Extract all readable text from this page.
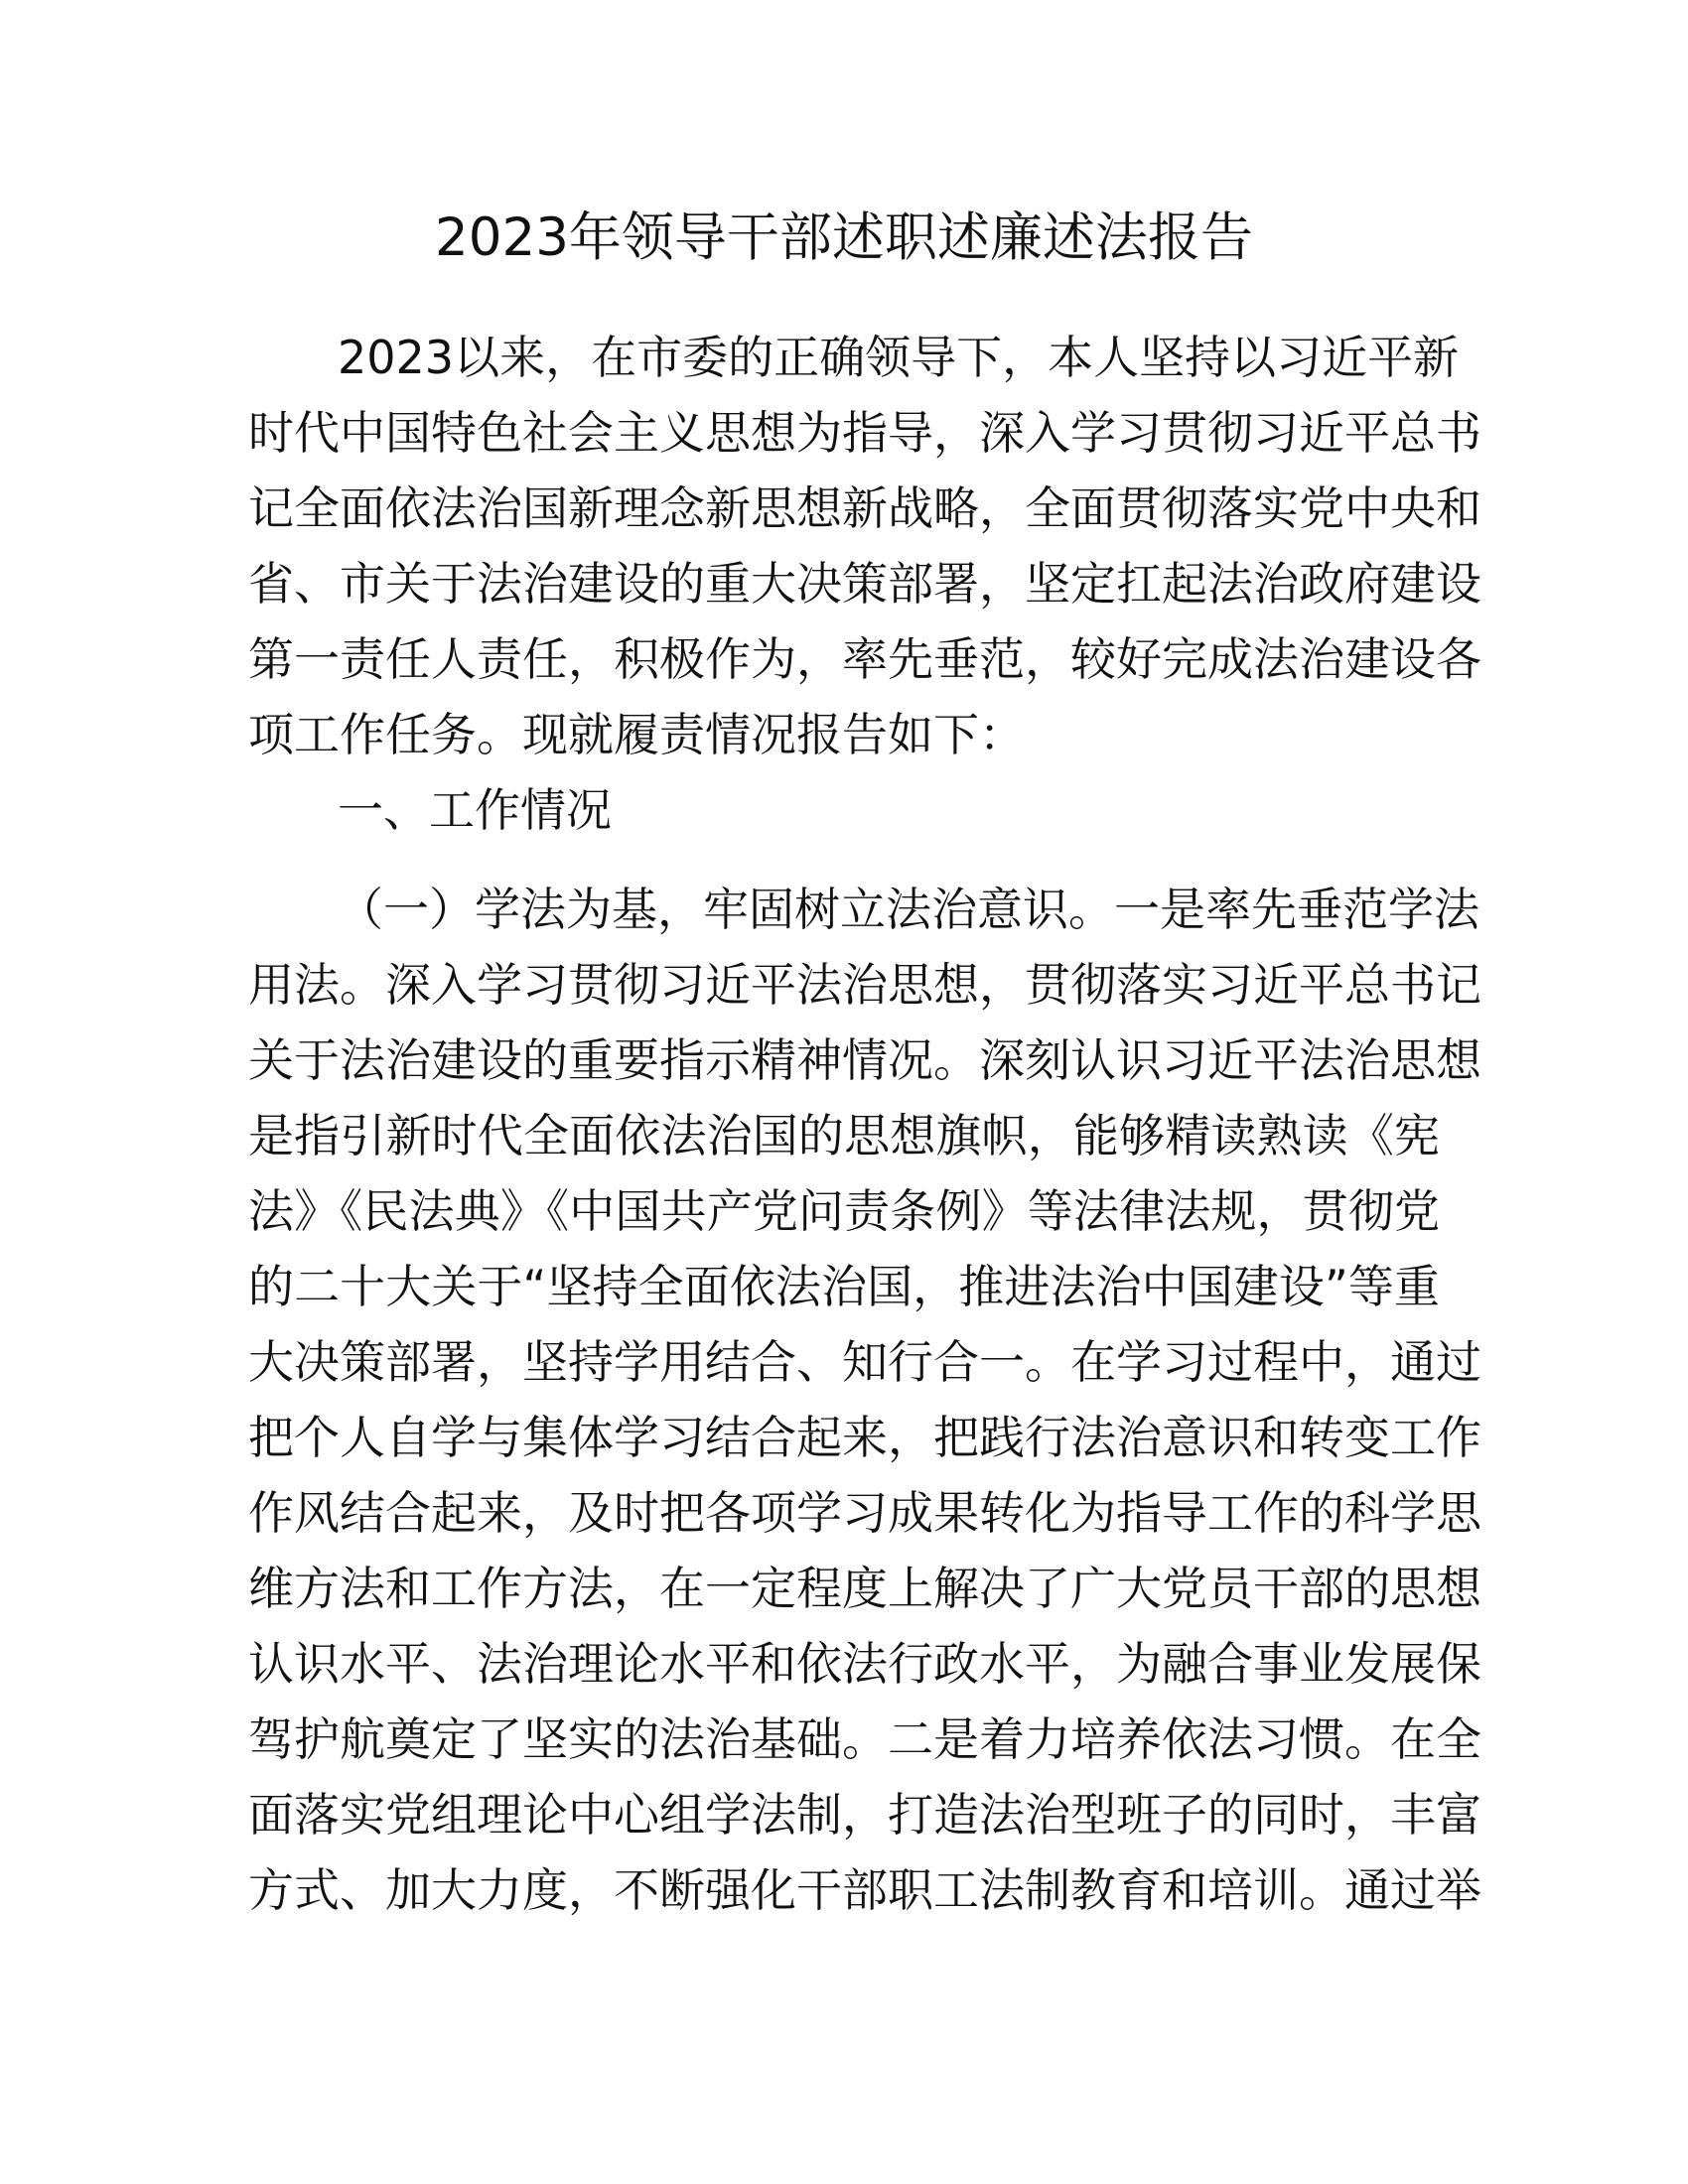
2023年领导干部述职述廉述法报告

2023以来，在市委的正确领导下，本人坚持以习近平新

时代中国特色社会主义思想为指导，深入学习贯彻习近平总书

记全面依法治国新理念新思想新战略，全面贯彻落实党中央和

省、市关于法治建设的重大决策部署，坚定扛起法治政府建设

第一责任人责任，积极作为，率先垂范，较好完成法治建设各

项工作任务。现就履责情况报告如下：

一、工作情况

（一）学法为基，牢固树立法治意识。一是率先垂范学法

用法。深入学习贯彻习近平法治思想，贯彻落实习近平总书记

关于法治建设的重要指示精神情况。深刻认识习近平法治思想

是指引新时代全面依法治国的思想旗帜，能够精读熟读《宪

法》《民法典》《中国共产党问责条例》等法律法规，贯彻党

的二十大关于“坚持全面依法治国，推进法治中国建设”等重

大决策部署，坚持学用结合、知行合一。在学习过程中，通过

把个人自学与集体学习结合起来，把践行法治意识和转变工作

作风结合起来，及时把各项学习成果转化为指导工作的科学思

维方法和工作方法，在一定程度上解决了广大党员干部的思想

认识水平、法治理论水平和依法行政水平，为融合事业发展保

驾护航奠定了坚实的法治基础。二是着力培养依法习惯。在全

面落实党组理论中心组学法制，打造法治型班子的同时，丰富

方式、加大力度，不断强化干部职工法制教育和培训。通过举
